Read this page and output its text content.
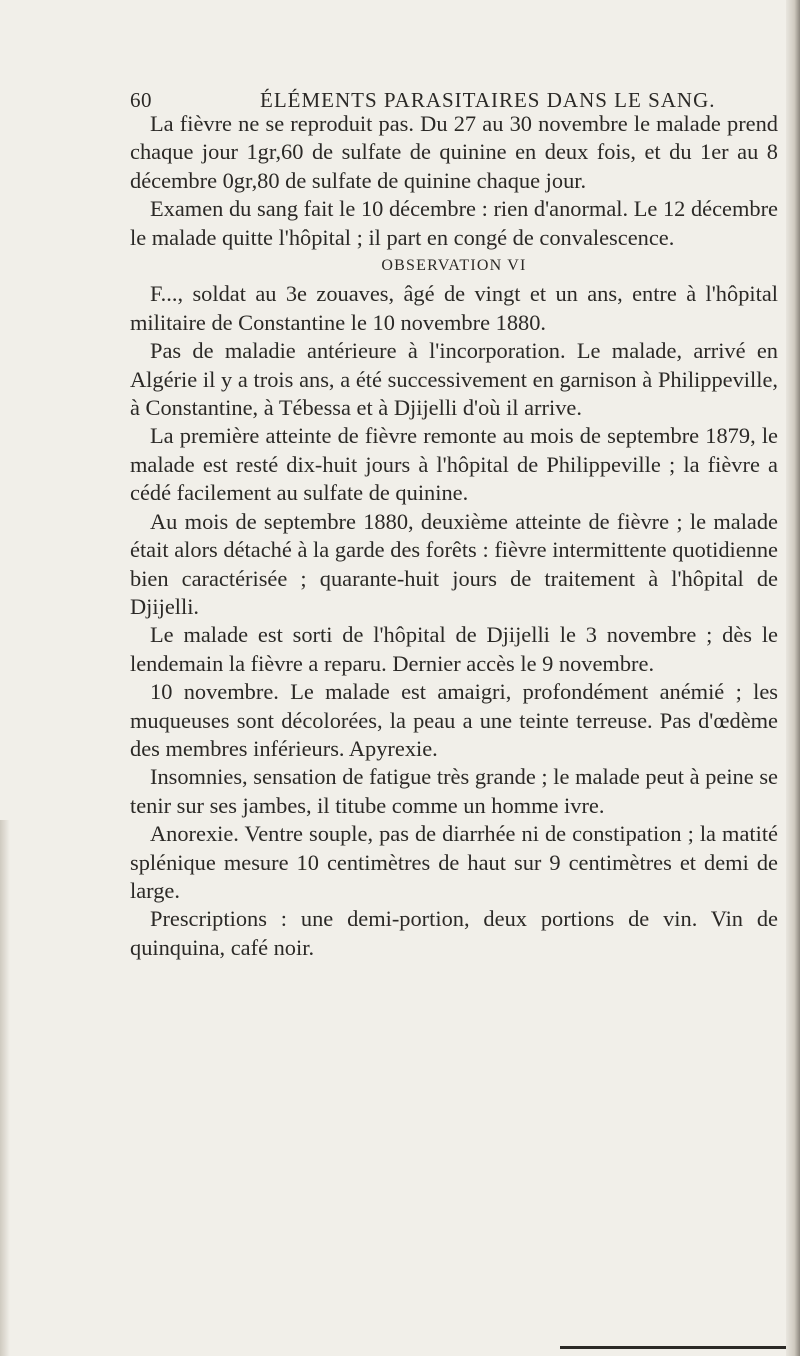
60	ÉLÉMENTS PARASITAIRES DANS LE SANG.

La fièvre ne se reproduit pas. Du 27 au 30 novembre le malade prend chaque jour 1gr,60 de sulfate de quinine en deux fois, et du 1er au 8 décembre 0gr,80 de sulfate de quinine chaque jour.

Examen du sang fait le 10 décembre : rien d'anormal. Le 12 décembre le malade quitte l'hôpital ; il part en congé de convalescence.

OBSERVATION VI

F..., soldat au 3e zouaves, âgé de vingt et un ans, entre à l'hôpital militaire de Constantine le 10 novembre 1880.

Pas de maladie antérieure à l'incorporation. Le malade, arrivé en Algérie il y a trois ans, a été successivement en garnison à Philippeville, à Constantine, à Tébessa et à Djijelli d'où il arrive.

La première atteinte de fièvre remonte au mois de septembre 1879, le malade est resté dix-huit jours à l'hôpital de Philippeville ; la fièvre a cédé facilement au sulfate de quinine.

Au mois de septembre 1880, deuxième atteinte de fièvre ; le malade était alors détaché à la garde des forêts : fièvre intermittente quotidienne bien caractérisée ; quarante-huit jours de traitement à l'hôpital de Djijelli.

Le malade est sorti de l'hôpital de Djijelli le 3 novembre ; dès le lendemain la fièvre a reparu. Dernier accès le 9 novembre.

10 novembre. Le malade est amaigri, profondément anémié ; les muqueuses sont décolorées, la peau a une teinte terreuse. Pas d'œdème des membres inférieurs. Apyrexie.

Insomnies, sensation de fatigue très grande ; le malade peut à peine se tenir sur ses jambes, il titube comme un homme ivre.

Anorexie. Ventre souple, pas de diarrhée ni de constipation ; la matité splénique mesure 10 centimètres de haut sur 9 centimètres et demi de large.

Prescriptions : une demi-portion, deux portions de vin. Vin de quinquina, café noir.
